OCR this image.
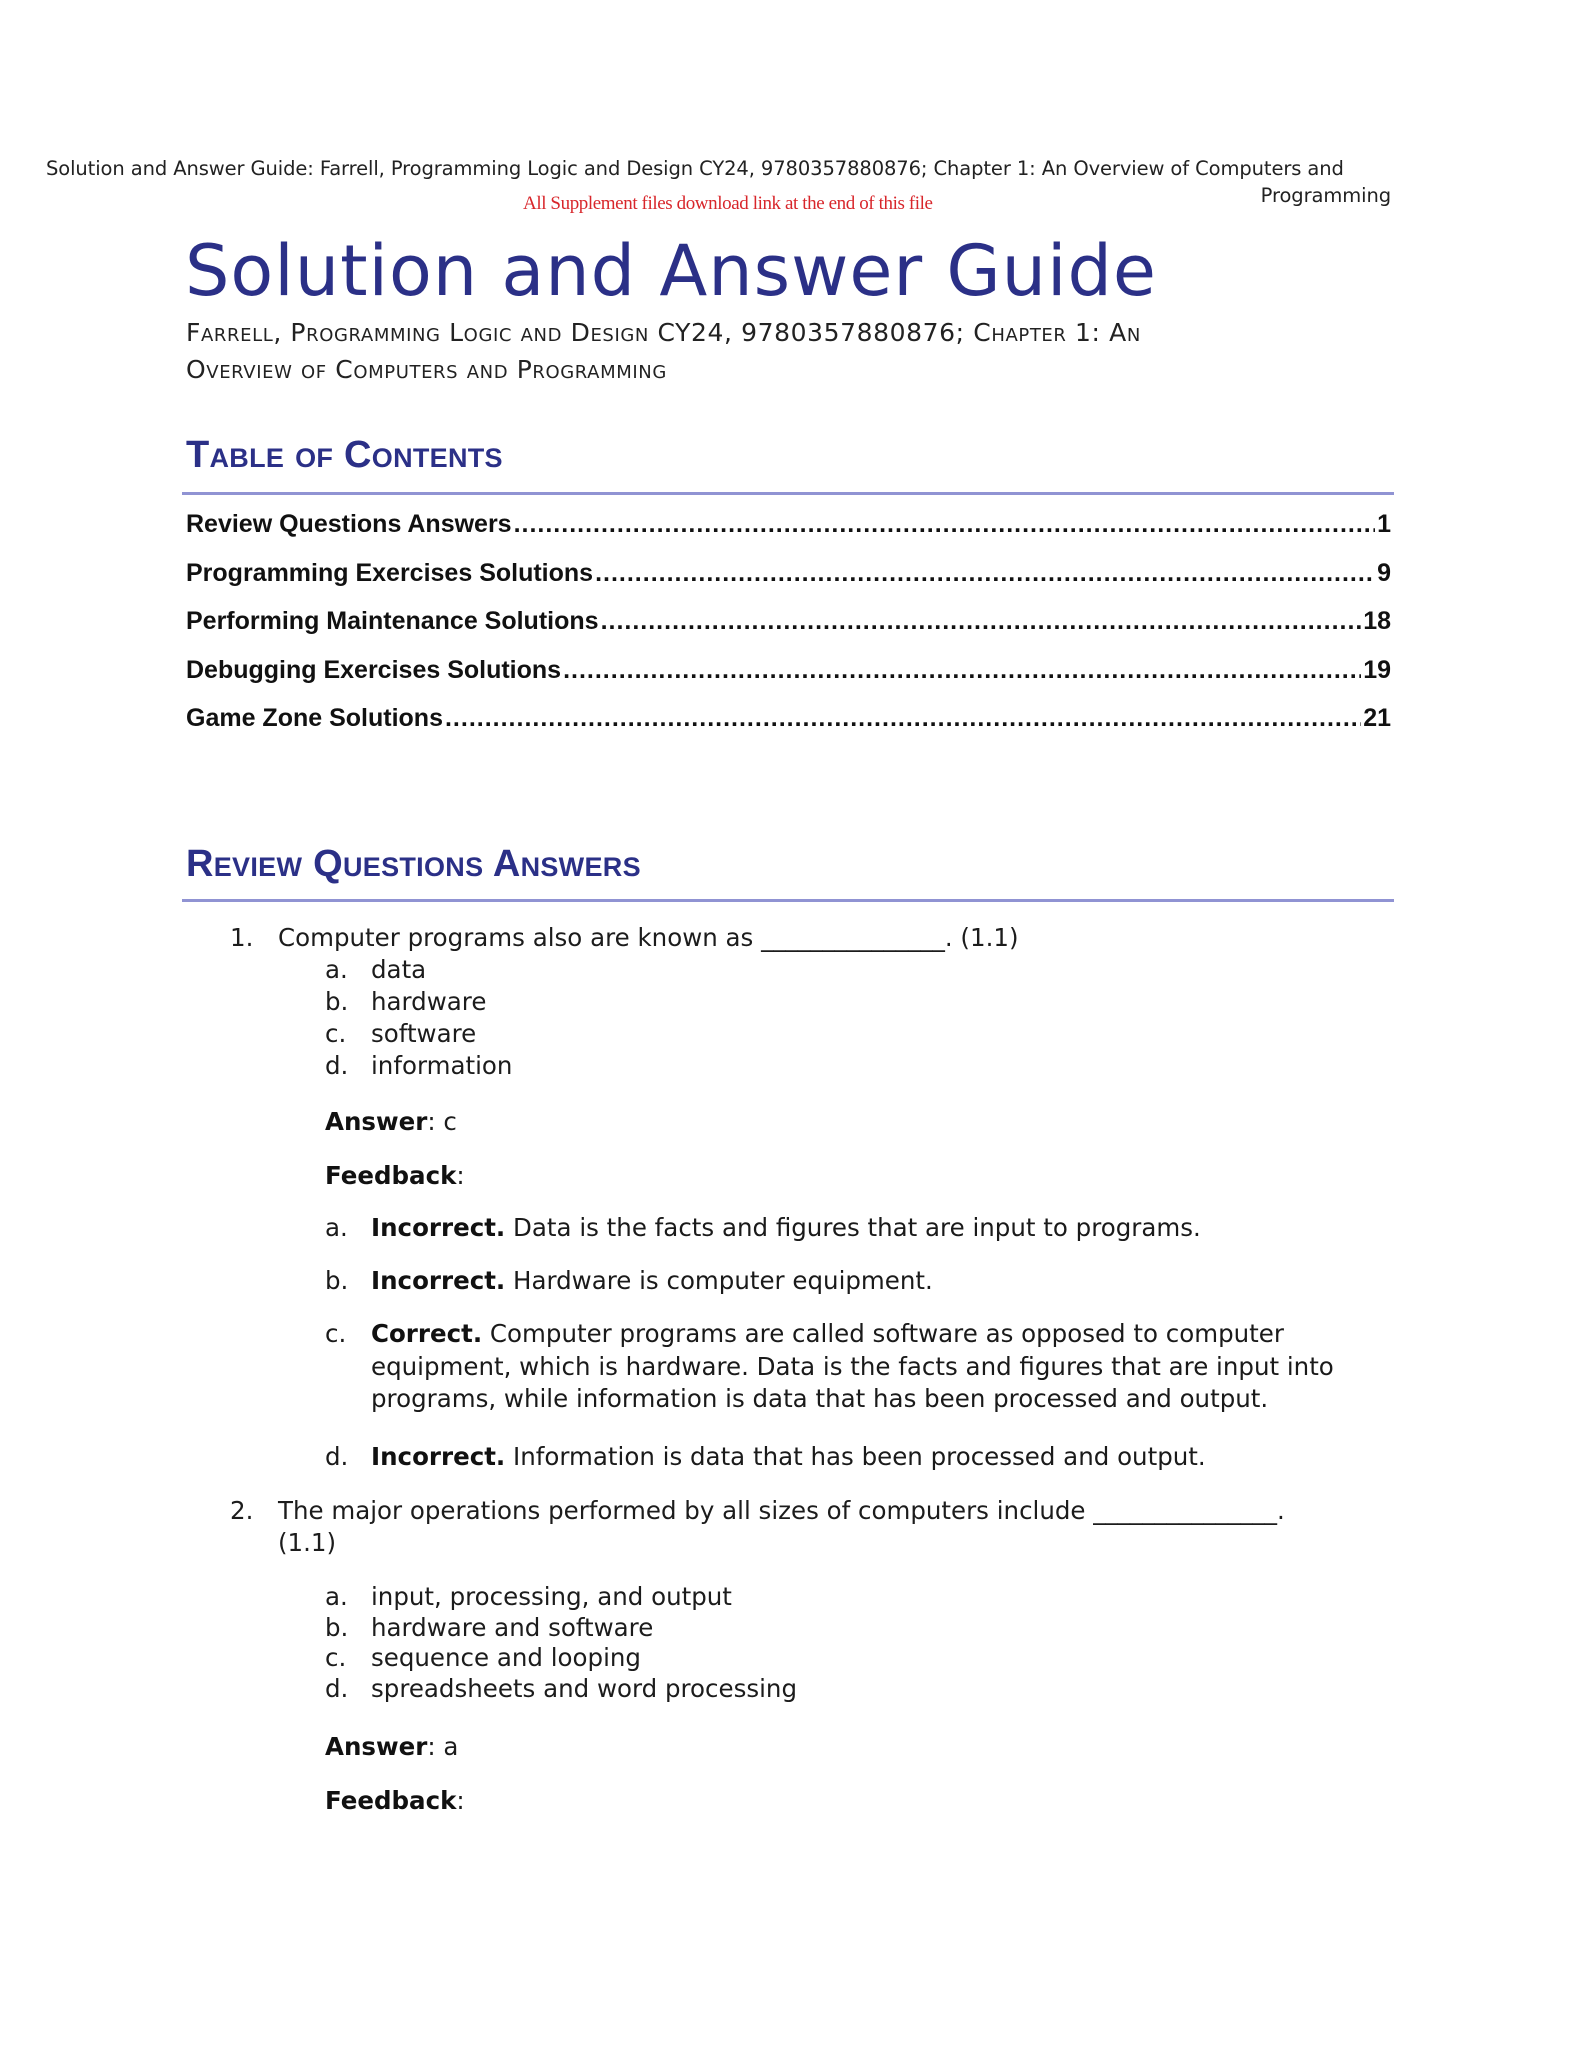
Solution and Answer Guide: Farrell, Programming Logic and Design CY24, 9780357880876; Chapter 1: An Overview of Computers and
Programming
All Supplement files download link at the end of this file
Solution and Answer Guide
Farrell, Programming Logic and Design CY24, 9780357880876; Chapter 1: An
Overview of Computers and Programming
Table of Contents
Review Questions Answers .....	1
Programming Exercises Solutions .....	9
Performing Maintenance Solutions .....	18
Debugging Exercises Solutions .....	19
Game Zone Solutions .....	21
Review Questions Answers
1. Computer programs also are known as _______________. (1.1)
a. data
b. hardware
c. software
d. information
Answer: c
Feedback:
a. Incorrect. Data is the facts and figures that are input to programs.
b. Incorrect. Hardware is computer equipment.
c. Correct. Computer programs are called software as opposed to computer equipment, which is hardware. Data is the facts and figures that are input into programs, while information is data that has been processed and output.
d. Incorrect. Information is data that has been processed and output.
2. The major operations performed by all sizes of computers include _______________.
(1.1)
a. input, processing, and output
b. hardware and software
c. sequence and looping
d. spreadsheets and word processing
Answer: a
Feedback:
